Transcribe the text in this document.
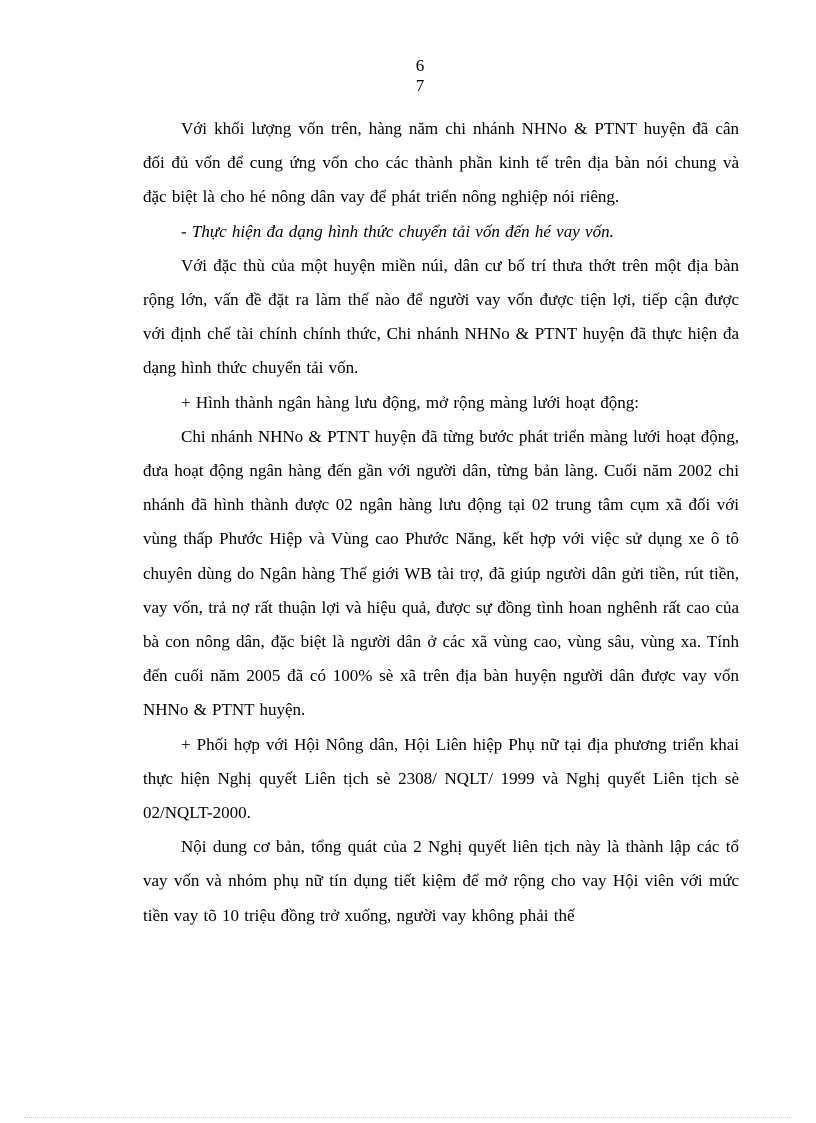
6

7

Với khối lượng vốn trên, hàng năm chi nhánh NHNo & PTNT huyện đã cân đối đủ vốn để cung ứng vốn cho các thành phần kinh tế trên địa bàn nói chung và đặc biệt là cho hé nông dân vay để phát triển nông nghiệp nói riêng.

- Thực hiện đa dạng hình thức chuyển tải vốn đến hé vay vốn.

Với đặc thù của một huyện miền núi, dân cư bố trí thưa thớt trên một địa bàn rộng lớn, vấn đề đặt ra làm thế nào để người vay vốn được tiện lợi, tiếp cận được với định chế tài chính chính thức, Chi nhánh NHNo & PTNT huyện đã thực hiện đa dạng hình thức chuyển tải vốn.

+ Hình thành ngân hàng lưu động, mở rộng màng lưới hoạt động:

Chi nhánh NHNo & PTNT huyện đã từng bước phát triển màng lưới hoạt động, đưa hoạt động ngân hàng đến gần với người dân, từng bản làng. Cuối năm 2002 chi nhánh đã hình thành được 02 ngân hàng lưu động tại 02 trung tâm cụm xã đối với vùng thấp Phước Hiệp và Vùng cao Phước Năng, kết hợp với việc sử dụng xe ô tô chuyên dùng do Ngân hàng Thế giới WB tài trợ, đã giúp người dân gửi tiền, rút tiền, vay vốn, trả nợ rất thuận lợi và hiệu quả, được sự đồng tình hoan nghênh rất cao của bà con nông dân, đặc biệt là người dân ở các xã vùng cao, vùng sâu, vùng xa. Tính đến cuối năm 2005 đã có 100% sè xã trên địa bàn huyện người dân được vay vốn NHNo & PTNT huyện.

+ Phối hợp với Hội Nông dân, Hội Liên hiệp Phụ nữ tại địa phương triển khai thực hiện Nghị quyết Liên tịch sè 2308/ NQLT/ 1999 và Nghị quyết Liên tịch sè 02/NQLT-2000.

Nội dung cơ bản, tổng quát của 2 Nghị quyết liên tịch này là thành lập các tổ vay vốn và nhóm phụ nữ tín dụng tiết kiệm để mở rộng cho vay Hội viên với mức tiền vay tõ 10 triệu đồng trở xuống, người vay không phải thế
